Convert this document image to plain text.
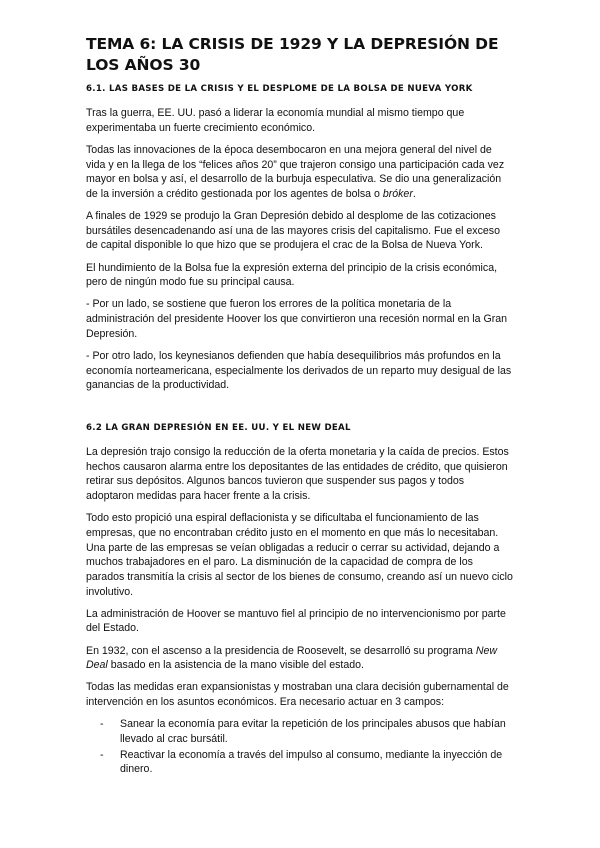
TEMA 6: LA CRISIS DE 1929 Y LA DEPRESIÓN DE LOS AÑOS 30
6.1. LAS BASES DE LA CRISIS Y EL DESPLOME DE LA BOLSA DE NUEVA YORK

Tras la guerra, EE. UU. pasó a liderar la economía mundial al mismo tiempo que experimentaba un fuerte crecimiento económico.

Todas las innovaciones de la época desembocaron en una mejora general del nivel de vida y en la llega de los “felices años 20” que trajeron consigo una participación cada vez mayor en bolsa y así, el desarrollo de la burbuja especulativa. Se dio una generalización de la inversión a crédito gestionada por los agentes de bolsa o bróker.

A finales de 1929 se produjo la Gran Depresión debido al desplome de las cotizaciones bursátiles desencadenando así una de las mayores crisis del capitalismo. Fue el exceso de capital disponible lo que hizo que se produjera el crac de la Bolsa de Nueva York.

El hundimiento de la Bolsa fue la expresión externa del principio de la crisis económica, pero de ningún modo fue su principal causa.

- Por un lado, se sostiene que fueron los errores de la política monetaria de la administración del presidente Hoover los que convirtieron una recesión normal en la Gran Depresión.

- Por otro lado, los keynesianos defienden que había desequilibrios más profundos en la economía norteamericana, especialmente los derivados de un reparto muy desigual de las ganancias de la productividad.

6.2 LA GRAN DEPRESIÓN EN EE. UU. Y EL NEW DEAL

La depresión trajo consigo la reducción de la oferta monetaria y la caída de precios. Estos hechos causaron alarma entre los depositantes de las entidades de crédito, que quisieron retirar sus depósitos. Algunos bancos tuvieron que suspender sus pagos y todos adoptaron medidas para hacer frente a la crisis.

Todo esto propició una espiral deflacionista y se dificultaba el funcionamiento de las empresas, que no encontraban crédito justo en el momento en que más lo necesitaban. Una parte de las empresas se veían obligadas a reducir o cerrar su actividad, dejando a muchos trabajadores en el paro. La disminución de la capacidad de compra de los parados transmitía la crisis al sector de los bienes de consumo, creando así un nuevo ciclo involutivo.

La administración de Hoover se mantuvo fiel al principio de no intervencionismo por parte del Estado.

En 1932, con el ascenso a la presidencia de Roosevelt, se desarrolló su programa New Deal basado en la asistencia de la mano visible del estado.

Todas las medidas eran expansionistas y mostraban una clara decisión gubernamental de intervención en los asuntos económicos. Era necesario actuar en 3 campos:

- Sanear la economía para evitar la repetición de los principales abusos que habían llevado al crac bursátil.
- Reactivar la economía a través del impulso al consumo, mediante la inyección de dinero.
